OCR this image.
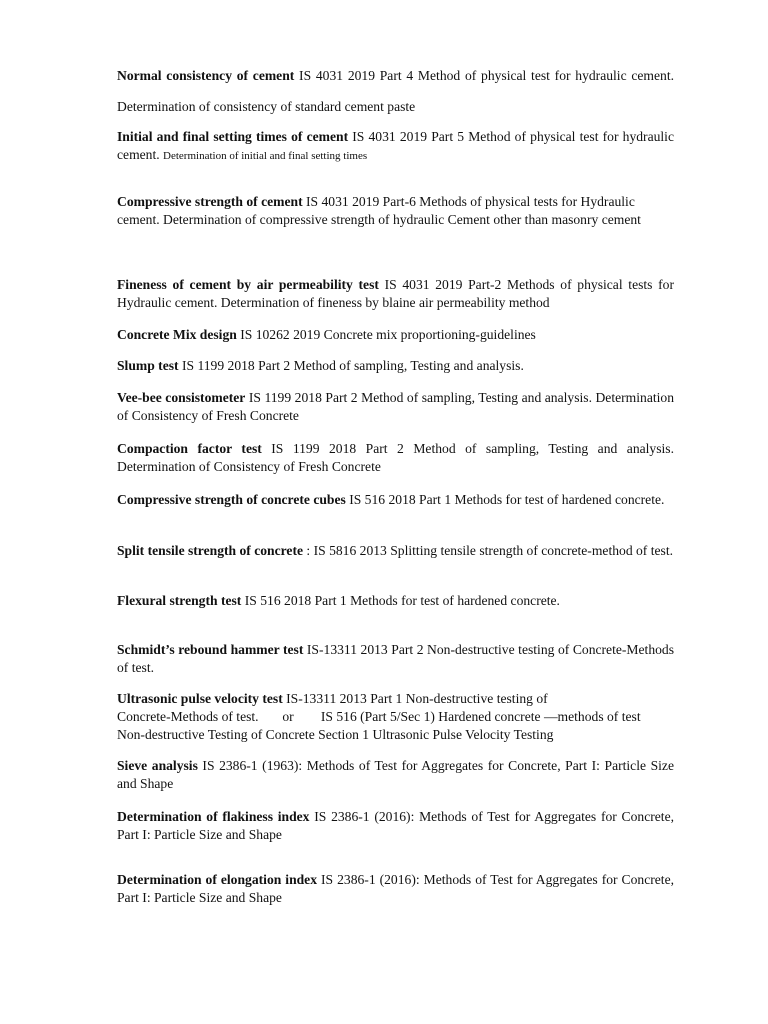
Normal consistency of cement IS 4031 2019 Part 4 Method of physical test for hydraulic cement. Determination of consistency of standard cement paste
Initial and final setting times of cement IS 4031 2019 Part 5 Method of physical test for hydraulic cement. Determination of initial and final setting times
Compressive strength of cement IS 4031 2019 Part-6 Methods of physical tests for Hydraulic cement. Determination of compressive strength of hydraulic Cement other than masonry cement
Fineness of cement by air permeability test IS 4031 2019 Part-2 Methods of physical tests for Hydraulic cement. Determination of fineness by blaine air permeability method
Concrete Mix design IS 10262 2019 Concrete mix proportioning-guidelines
Slump test IS 1199 2018 Part 2 Method of sampling, Testing and analysis.
Vee-bee consistometer IS 1199 2018 Part 2 Method of sampling, Testing and analysis. Determination of Consistency of Fresh Concrete
Compaction factor test IS 1199 2018 Part 2 Method of sampling, Testing and analysis. Determination of Consistency of Fresh Concrete
Compressive strength of concrete cubes IS 516 2018 Part 1 Methods for test of hardened concrete.
Split tensile strength of concrete : IS 5816 2013 Splitting tensile strength of concrete-method of test.
Flexural strength test IS 516 2018 Part 1 Methods for test of hardened concrete.
Schmidt’s rebound hammer test IS-13311 2013 Part 2 Non-destructive testing of Concrete-Methods of test.
Ultrasonic pulse velocity test IS-13311 2013 Part 1 Non-destructive testing of
Concrete-Methods of test.       or        IS 516 (Part 5/Sec 1) Hardened concrete —methods of test  Non-destructive Testing of Concrete Section 1 Ultrasonic Pulse Velocity Testing
Sieve analysis IS 2386-1 (1963): Methods of Test for Aggregates for Concrete, Part I: Particle Size and Shape
Determination of flakiness index IS 2386-1 (2016): Methods of Test for Aggregates for Concrete, Part I: Particle Size and Shape
Determination of elongation index IS 2386-1 (2016): Methods of Test for Aggregates for Concrete, Part I: Particle Size and Shape
